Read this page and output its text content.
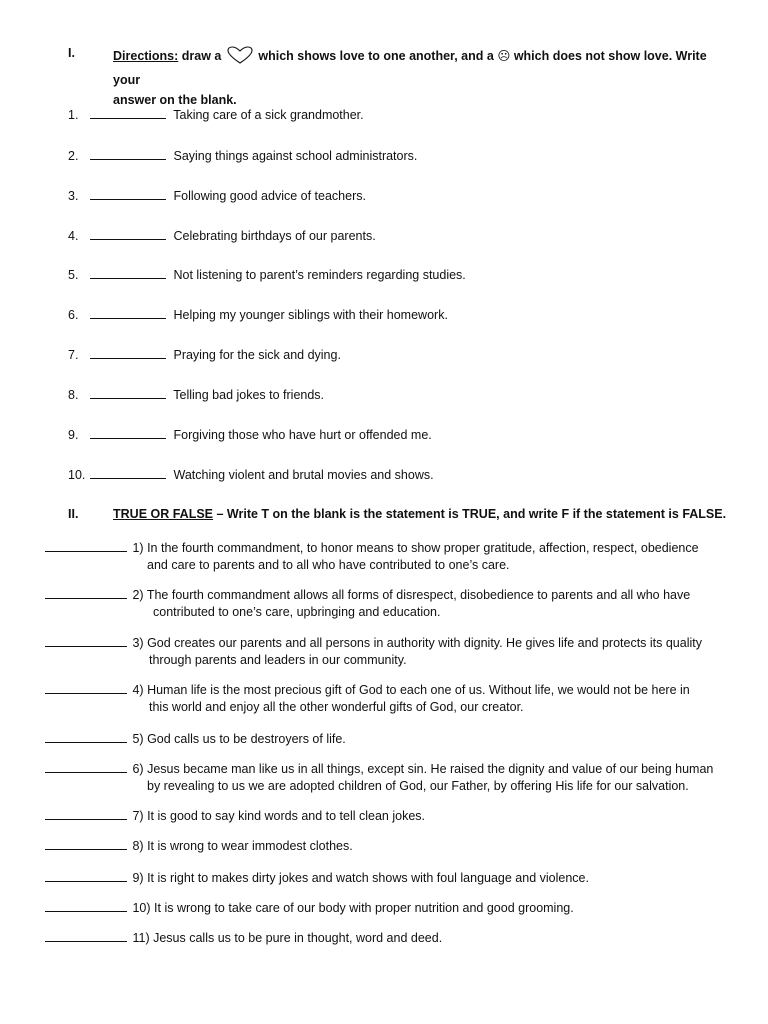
I.	Directions: draw a	which shows love to one another, and a ☹ which does not show love. Write your
answer on the blank.
1.	Taking care of a sick grandmother.
2.	Saying things against school administrators.
3.	Following good advice of teachers.
4.	Celebrating birthdays of our parents.
5.	Not listening to parent’s reminders regarding studies.
6.	Helping my younger siblings with their homework.
7.	Praying for the sick and dying.
8.	Telling bad jokes to friends.
9.	Forgiving those who have hurt or offended me.
10.	Watching violent and brutal movies and shows.
II.	TRUE OR FALSE – Write T on the blank is the statement is TRUE, and write F if the statement is FALSE.
1) In the fourth commandment, to honor means to show proper gratitude, affection, respect, obedience
and care to parents and to all who have contributed to one’s care.
2) The fourth commandment allows all forms of disrespect, disobedience to parents and all who have
contributed to one’s care, upbringing and education.
3) God creates our parents and all persons in authority with dignity. He gives life and protects its quality
through parents and leaders in our community.
4) Human life is the most precious gift of God to each one of us. Without life, we would not be here in
this world and enjoy all the other wonderful gifts of God, our creator.
5) God calls us to be destroyers of life.
6) Jesus became man like us in all things, except sin. He raised the dignity and value of our being human
by revealing to us we are adopted children of God, our Father, by offering His life for our salvation.
7) It is good to say kind words and to tell clean jokes.
8) It is wrong to wear immodest clothes.
9) It is right to makes dirty jokes and watch shows with foul language and violence.
10) It is wrong to take care of our body with proper nutrition and good grooming.
11) Jesus calls us to be pure in thought, word and deed.
